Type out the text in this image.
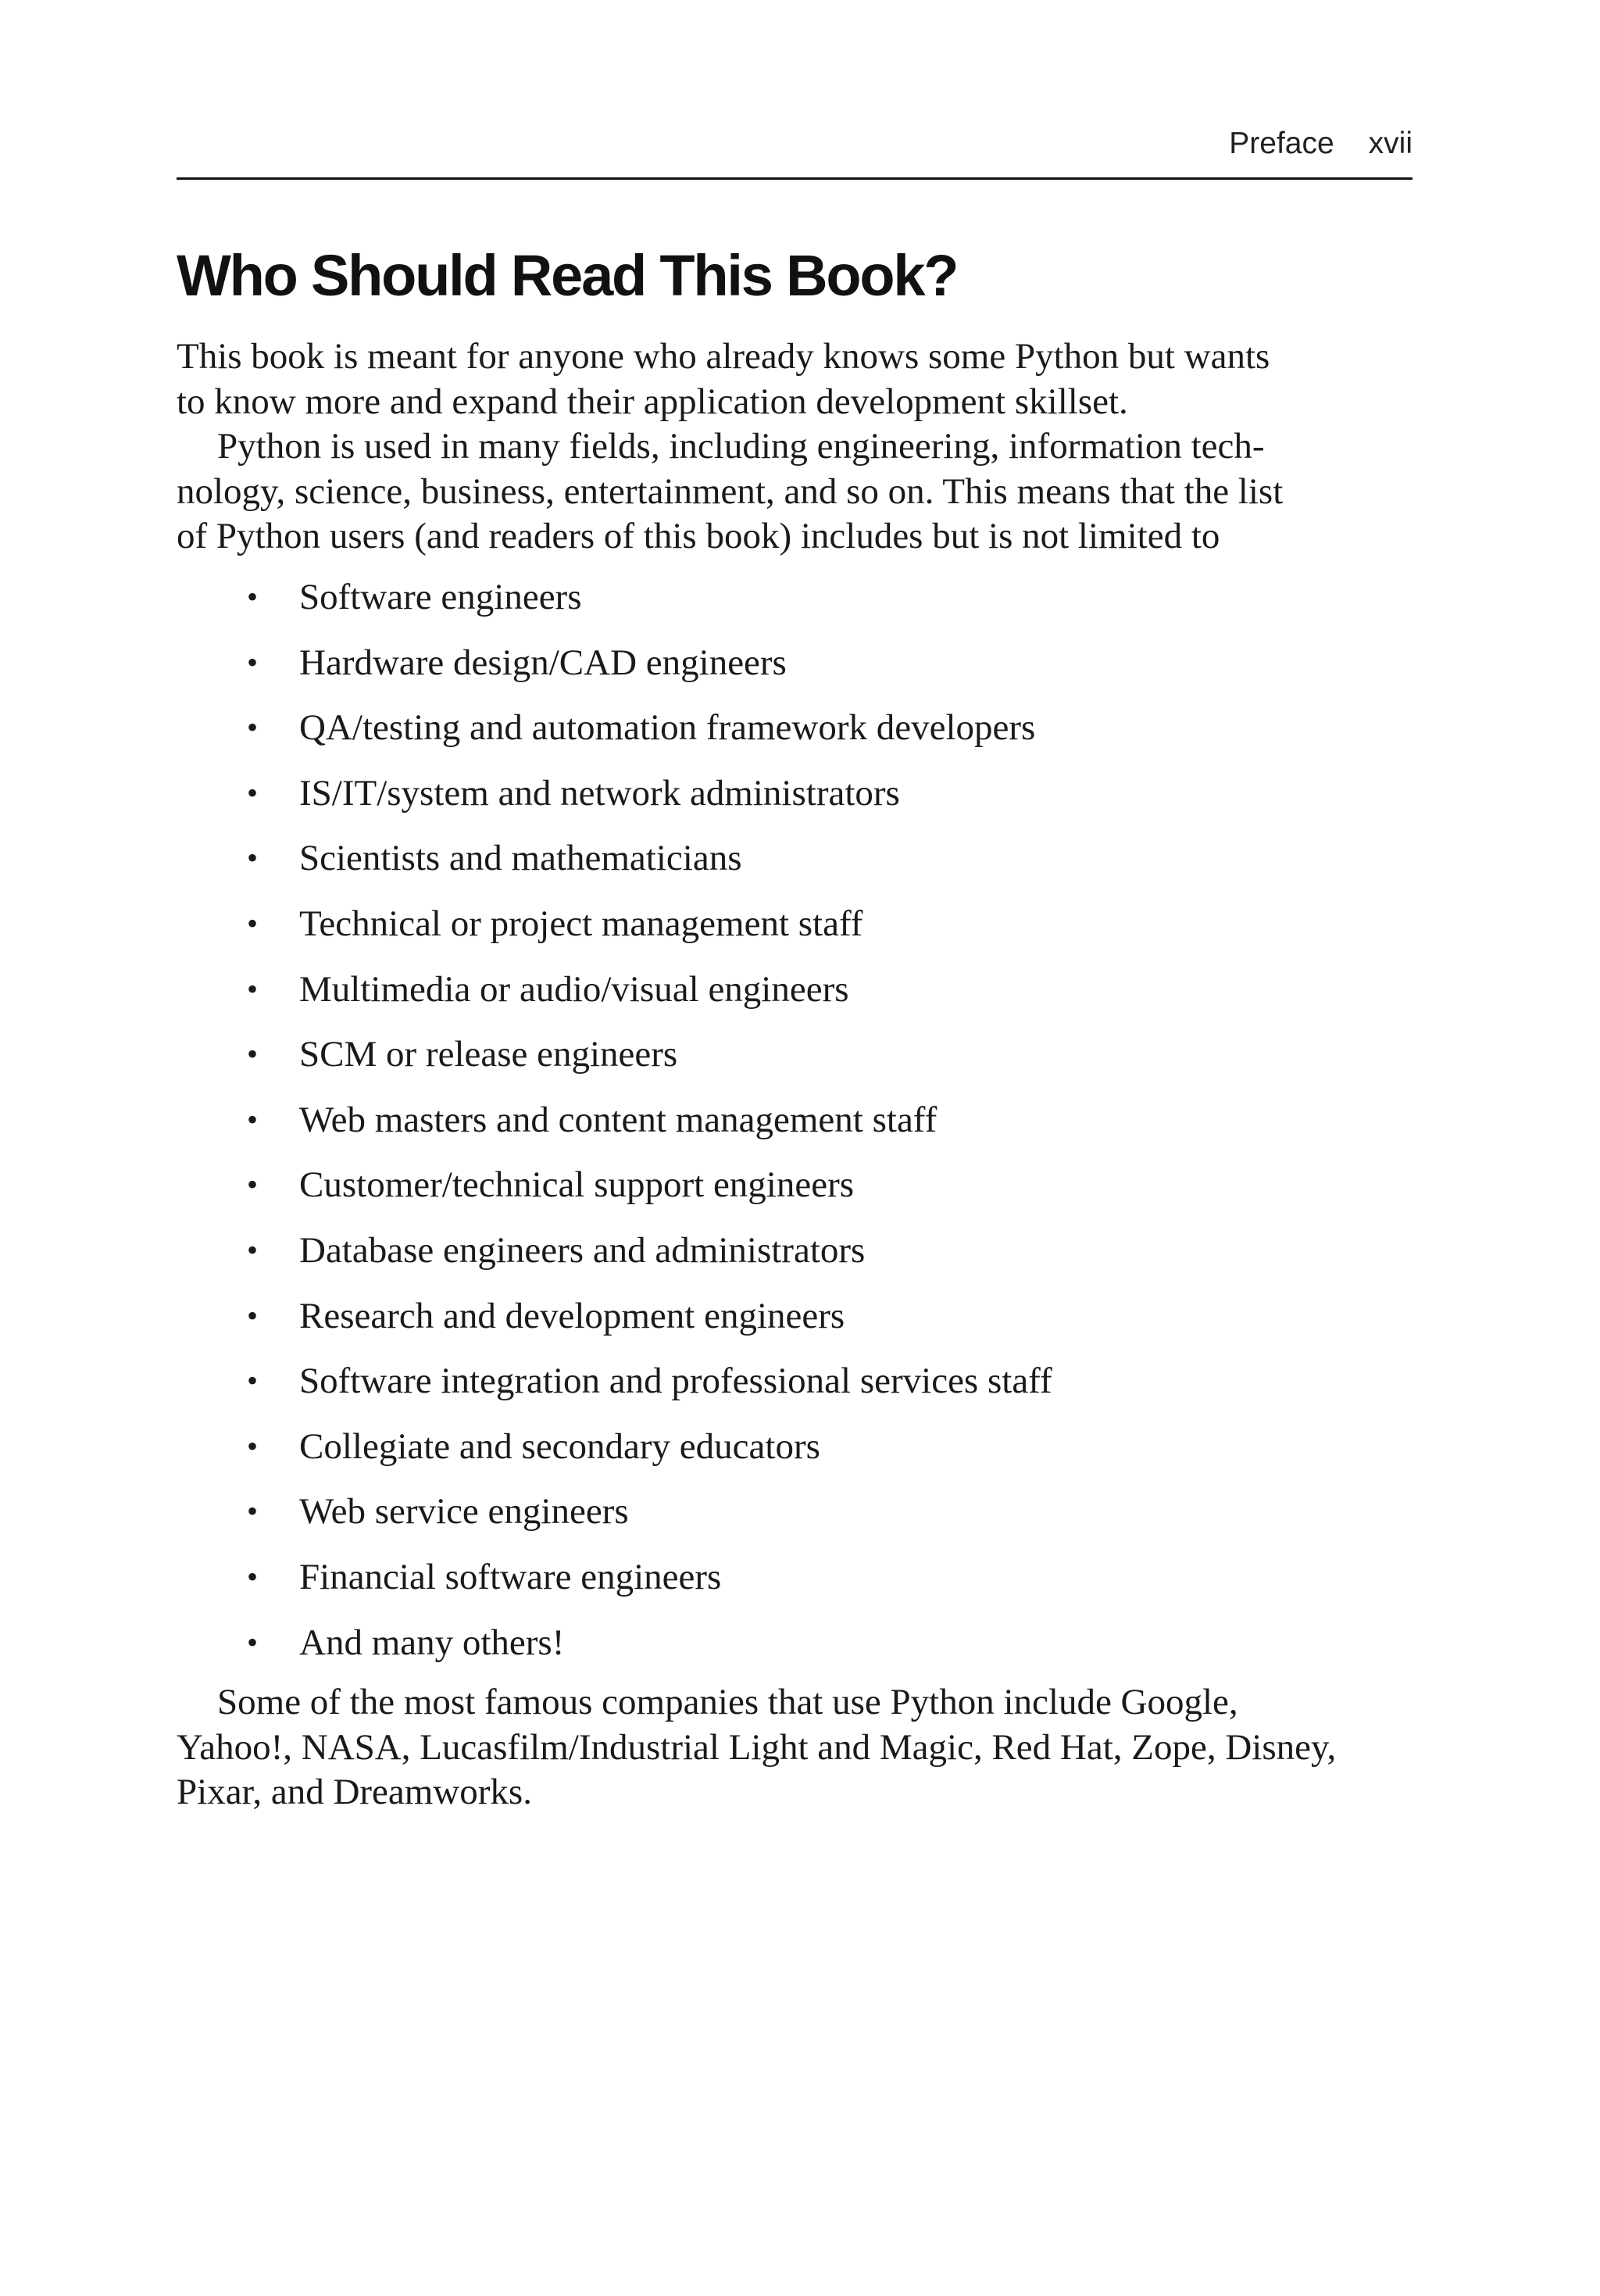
Preface xvii
Who Should Read This Book?

This book is meant for anyone who already knows some Python but wants
to know more and expand their application development skillset.

Python is used in many fields, including engineering, information tech-
nology, science, business, entertainment, and so on. This means that the list
of Python users (and readers of this book) includes but is not limited to

• Software engineers
• Hardware design/CAD engineers
• QA/testing and automation framework developers
• IS/IT/system and network administrators
• Scientists and mathematicians
• Technical or project management staff
• Multimedia or audio/visual engineers
• SCM or release engineers
• Web masters and content management staff
• Customer/technical support engineers
• Database engineers and administrators
• Research and development engineers
• Software integration and professional services staff
• Collegiate and secondary educators
• Web service engineers
• Financial software engineers
• And many others!
Some of the most famous companies that use Python include Google,
Yahoo!, NASA, Lucasfilm/Industrial Light and Magic, Red Hat, Zope, Disney,
Pixar, and Dreamworks.
